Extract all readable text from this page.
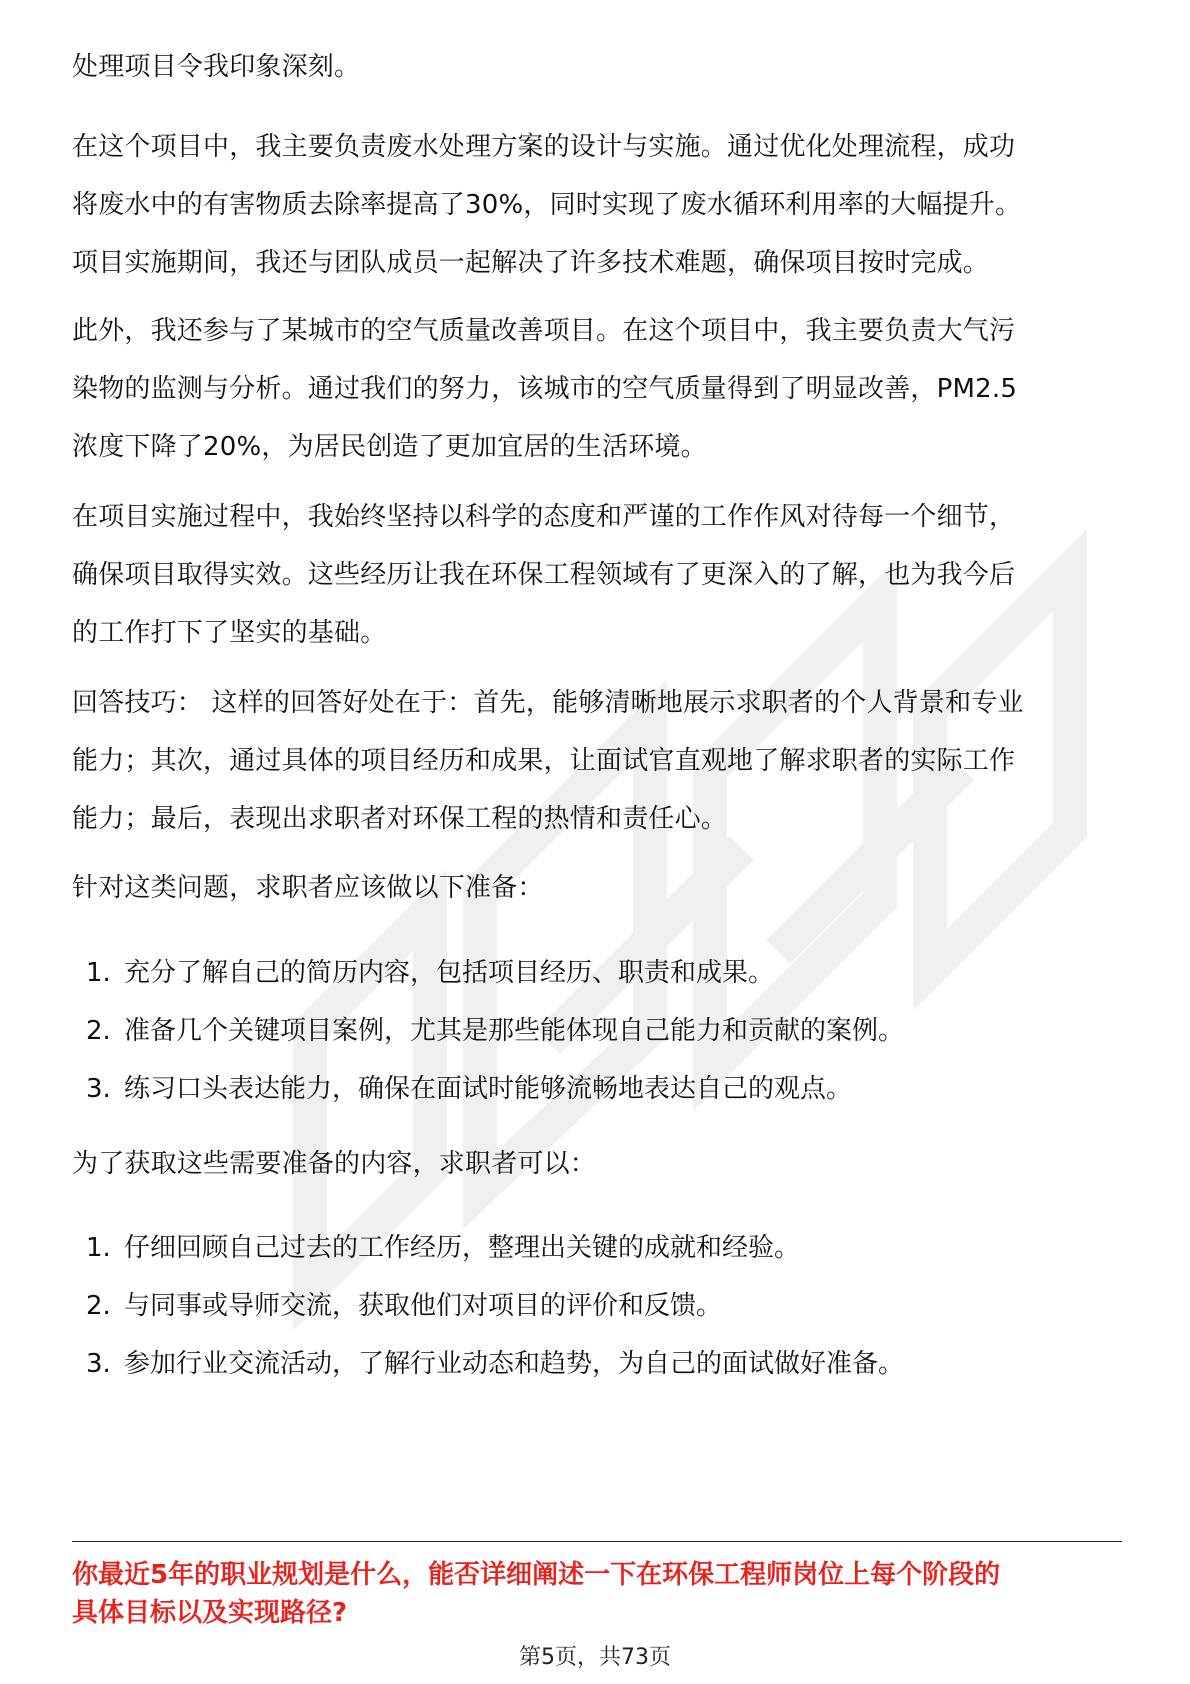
处理项目令我印象深刻。

在这个项目中，我主要负责废水处理方案的设计与实施。通过优化处理流程，成功
将废水中的有害物质去除率提高了30%，同时实现了废水循环利用率的大幅提升。
项目实施期间，我还与团队成员一起解决了许多技术难题，确保项目按时完成。

此外，我还参与了某城市的空气质量改善项目。在这个项目中，我主要负责大气污
染物的监测与分析。通过我们的努力，该城市的空气质量得到了明显改善，PM2.5
浓度下降了20%，为居民创造了更加宜居的生活环境。

在项目实施过程中，我始终坚持以科学的态度和严谨的工作作风对待每一个细节，
确保项目取得实效。这些经历让我在环保工程领域有了更深入的了解，也为我今后
的工作打下了坚实的基础。

回答技巧： 这样的回答好处在于：首先，能够清晰地展示求职者的个人背景和专业
能力；其次，通过具体的项目经历和成果，让面试官直观地了解求职者的实际工作
能力；最后，表现出求职者对环保工程的热情和责任心。

针对这类问题，求职者应该做以下准备：

1. 充分了解自己的简历内容，包括项目经历、职责和成果。
2. 准备几个关键项目案例，尤其是那些能体现自己能力和贡献的案例。
3. 练习口头表达能力，确保在面试时能够流畅地表达自己的观点。

为了获取这些需要准备的内容，求职者可以：

1. 仔细回顾自己过去的工作经历，整理出关键的成就和经验。
2. 与同事或导师交流，获取他们对项目的评价和反馈。
3. 参加行业交流活动，了解行业动态和趋势，为自己的面试做好准备。

你最近5年的职业规划是什么，能否详细阐述一下在环保工程师岗位上每个阶段的
具体目标以及实现路径?

第5页，共73页
